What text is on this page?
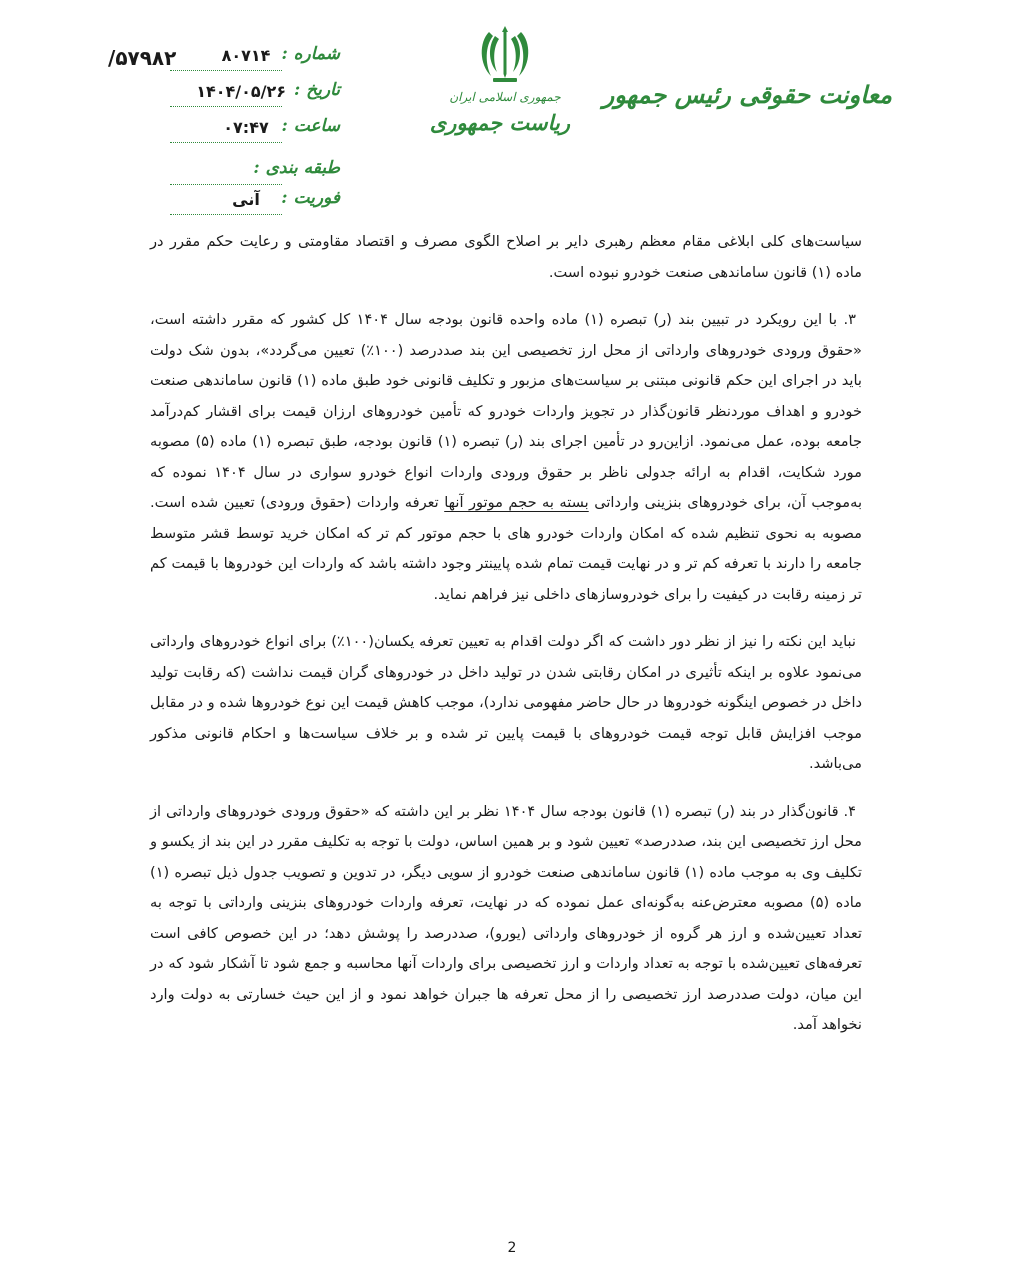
معاونت حقوقی رئیس جمهور
جمهوری اسلامی ایران
ریاست جمهوری
۵۷۹۸۲/	شماره :
۸۰۷۱۴
تاریخ :
۱۴۰۴/۰۵/۲۶
ساعت :
۰۷:۴۷
طبقه بندی :
فوریت :
آنی

سیاست‌های کلی ابلاغی مقام معظم رهبری دایر بر اصلاح الگوی مصرف و اقتصاد مقاومتی و رعایت حکم مقرر در ماده (۱) قانون ساماندهی صنعت خودرو نبوده است.

۳. با این رویکرد در تبیین بند (ر) تبصره (۱) ماده واحده قانون بودجه سال ۱۴۰۴ کل کشور که مقرر داشته است، «حقوق ورودی خودروهای وارداتی از محل ارز تخصیصی این بند صددرصد (۱۰۰٪) تعیین می‌گردد»، بدون شک دولت باید در اجرای این حکم قانونی مبتنی بر سیاست‌های مزبور و تکلیف قانونی خود طبق ماده (۱) قانون ساماندهی صنعت خودرو و اهداف موردنظر قانون‌گذار در تجویز واردات خودرو که تأمین خودروهای ارزان قیمت برای اقشار کم‌درآمد جامعه بوده، عمل می‌نمود. ازاین‌رو در تأمین اجرای بند (ر) تبصره (۱) قانون بودجه، طبق تبصره (۱) ماده (۵) مصوبه مورد شکایت، اقدام به ارائه جدولی ناظر بر حقوق ورودی واردات انواع خودرو سواری در سال ۱۴۰۴ نموده که به‌موجب آن، برای خودروهای بنزینی وارداتی بسته به حجم موتور آنها تعرفه واردات (حقوق ورودی) تعیین شده است. مصوبه به نحوی تنظیم شده که امکان واردات خودرو های با حجم موتور کم تر که امکان خرید توسط قشر متوسط جامعه را دارند با تعرفه کم تر و در نهایت قیمت تمام شده پایینتر وجود داشته باشد که واردات این خودروها با قیمت کم تر زمینه رقابت در کیفیت را برای خودروسازهای داخلی نیز فراهم نماید.

نباید این نکته را نیز از نظر دور داشت که اگر دولت اقدام به تعیین تعرفه یکسان(۱۰۰٪) برای انواع خودروهای وارداتی می‌نمود علاوه بر اینکه تأثیری در امکان رقابتی شدن در تولید داخل در خودروهای گران قیمت نداشت (که رقابت تولید داخل در خصوص اینگونه خودروها در حال حاضر مفهومی ندارد)، موجب کاهش قیمت این نوع خودروها شده و در مقابل موجب افزایش قابل توجه قیمت خودروهای با قیمت پایین تر شده و بر خلاف سیاست‌ها و احکام قانونی مذکور می‌باشد.

۴. قانون‌گذار در بند (ر) تبصره (۱) قانون بودجه سال ۱۴۰۴ نظر بر این داشته که «حقوق ورودی خودروهای وارداتی از محل ارز تخصیصی این بند، صددرصد» تعیین شود و بر همین اساس، دولت با توجه به تکلیف مقرر در این بند از یکسو و تکلیف وی به موجب ماده (۱) قانون ساماندهی صنعت خودرو از سویی دیگر، در تدوین و تصویب جدول ذیل تبصره (۱) ماده (۵) مصوبه معترض‌عنه به‌گونه‌ای عمل نموده که در نهایت، تعرفه واردات خودروهای بنزینی وارداتی با توجه به تعداد تعیین‌شده و ارز هر گروه از خودروهای وارداتی (یورو)، صددرصد را پوشش دهد؛ در این خصوص کافی است تعرفه‌های تعیین‌شده با توجه به تعداد واردات و ارز تخصیصی برای واردات آنها محاسبه و جمع شود تا آشکار شود که در این میان، دولت صددرصد ارز تخصیصی را از محل تعرفه ها جبران خواهد نمود و از این حیث خسارتی به دولت وارد نخواهد آمد.

2
